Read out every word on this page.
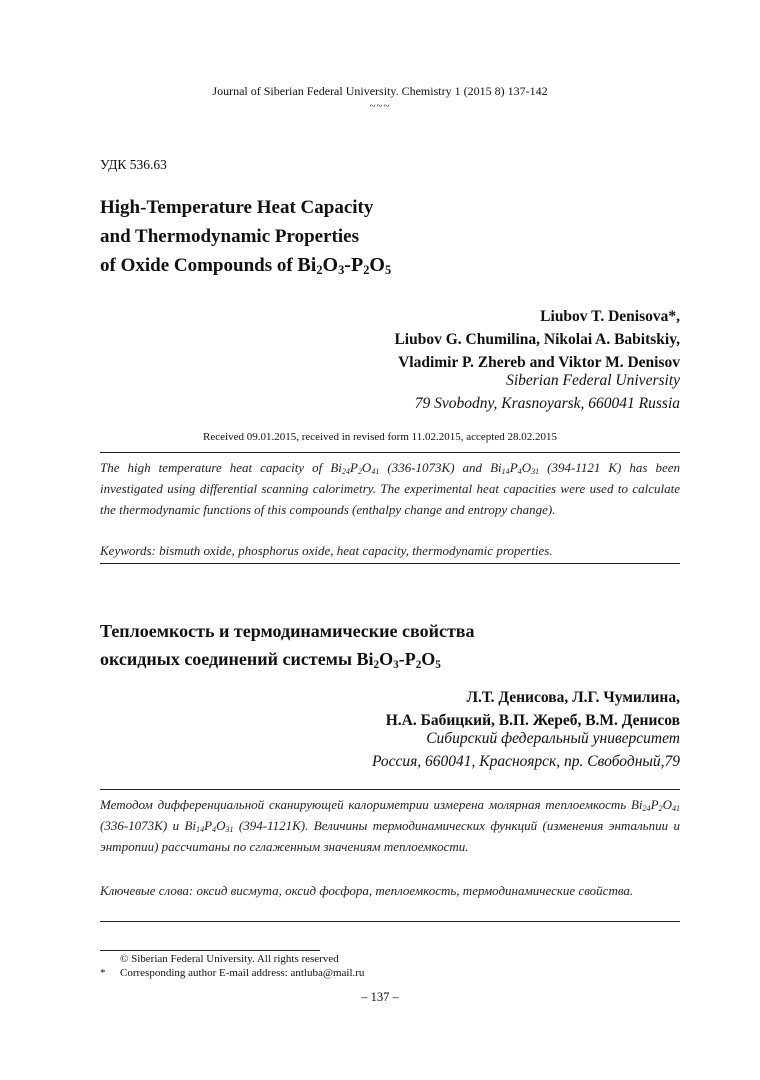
Journal of Siberian Federal University. Chemistry 1 (2015 8) 137-142
~~~
УДК 536.63
High-Temperature Heat Capacity
and Thermodynamic Properties
of Oxide Compounds of $Bi_2O_3-P_2O_5$
Liubov T. Denisova*,
Liubov G. Chumilina, Nikolai A. Babitskiy,
Vladimir P. Zhereb and Viktor M. Denisov
Siberian Federal University
79 Svobodny, Krasnoyarsk, 660041 Russia
Received 09.01.2015, received in revised form 11.02.2015, accepted 28.02.2015
The high temperature heat capacity of $Bi_{24}P_2O_{41}$ (336-1073K) and $Bi_{14}P_4O_{31}$ (394-1121 K) has been investigated using differential scanning calorimetry. The experimental heat capacities were used to calculate the thermodynamic functions of this compounds (enthalpy change and entropy change).
Keywords: bismuth oxide, phosphorus oxide, heat capacity, thermodynamic properties.
Теплоемкость и термодинамические свойства
оксидных соединений системы $Bi_2O_3-P_2O_5$
Л.Т. Денисова, Л.Г. Чумилина,
Н.А. Бабицкий, В.П. Жереб, В.М. Денисов
Сибирский федеральный университет
Россия, 660041, Красноярск, пр. Свободный,79
Методом дифференциальной сканирующей калориметрии измерена молярная теплоемкость $Bi_{24}P_2O_{41}$ (336-1073K) и $Bi_{14}P_4O_{31}$ (394-1121K). Величины термодинамических функций (изменения энтальпии и энтропии) рассчитаны по сглаженным значениям теплоемкости.
Ключевые слова: оксид висмута, оксид фосфора, теплоемкость, термодинамические свойства.
© Siberian Federal University. All rights reserved
* Corresponding author E-mail address: antluba@mail.ru
– 137 –
